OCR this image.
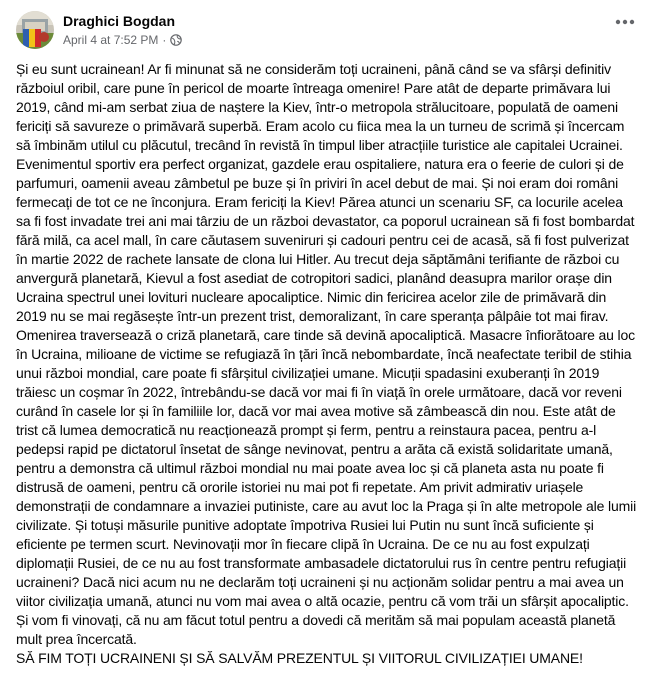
Draghici Bogdan
April 4 at 7:52 PM ·

Și eu sunt ucrainean! Ar fi minunat să ne considerăm toți ucraineni, până când se va sfârși definitiv războiul oribil, care pune în pericol de moarte întreaga omenire! Pare atât de departe primăvara lui 2019, când mi-am serbat ziua de naștere la Kiev, într-o metropola strălucitoare, populată de oameni fericiți să savureze o primăvară superbă. Eram acolo cu fiica mea la un turneu de scrimă și încercam să îmbinăm utilul cu plăcutul, trecând în revistă în timpul liber atracțiile turistice ale capitalei Ucrainei. Evenimentul sportiv era perfect organizat, gazdele erau ospitaliere, natura era o feerie de culori și de parfumuri, oamenii aveau zâmbetul pe buze și în priviri în acel debut de mai. Și noi eram doi români fermecați de tot ce ne înconjura. Eram fericiți la Kiev! Părea atunci un scenariu SF, ca locurile acelea sa fi fost invadate trei ani mai târziu de un război devastator, ca poporul ucrainean să fi fost bombardat fără milă, ca acel mall, în care căutasem suveniruri și cadouri pentru cei de acasă, să fi fost pulverizat în martie 2022 de rachete lansate de clona lui Hitler. Au trecut deja săptămâni terifiante de război cu anvergură planetară, Kievul a fost asediat de cotropitori sadici, planând deasupra marilor orașe din Ucraina spectrul unei lovituri nucleare apocaliptice. Nimic din fericirea acelor zile de primăvară din 2019 nu se mai regăsește într-un prezent trist, demoralizant, în care speranța pâlpâie tot mai firav. Omenirea traversează o criză planetară, care tinde să devină apocaliptică. Masacre înfiorătoare au loc în Ucraina, milioane de victime se refugiază în țări încă nebombardate, încă neafectate teribil de stihia unui război mondial, care poate fi sfârșitul civilizației umane. Micuții spadasini exuberanți în 2019 trăiesc un coșmar în 2022, întrebându-se dacă vor mai fi în viață în orele următoare, dacă vor reveni curând în casele lor și în familiile lor, dacă vor mai avea motive să zâmbească din nou. Este atât de trist că lumea democratică nu reacționează prompt și ferm, pentru a reinstaura pacea, pentru a-l pedepsi rapid pe dictatorul însetat de sânge nevinovat, pentru a arăta că există solidaritate umană, pentru a demonstra că ultimul război mondial nu mai poate avea loc și că planeta asta nu poate fi distrusă de oameni, pentru că ororile istoriei nu mai pot fi repetate. Am privit admirativ uriașele demonstrații de condamnare a invaziei putiniste, care au avut loc la Praga și în alte metropole ale lumii civilizate. Și totuși măsurile punitive adoptate împotriva Rusiei lui Putin nu sunt încă suficiente și eficiente pe termen scurt. Nevinovații mor în fiecare clipă în Ucraina. De ce nu au fost expulzați diplomații Rusiei, de ce nu au fost transformate ambasadele dictatorului rus în centre pentru refugiații ucraineni? Dacă nici acum nu ne declarăm toți ucraineni și nu acționăm solidar pentru a mai avea un viitor civilizația umană, atunci nu vom mai avea o altă ocazie, pentru că vom trăi un sfârșit apocaliptic. Și vom fi vinovați, că nu am făcut totul pentru a dovedi că merităm să mai populam această planetă mult prea încercată.

SĂ FIM TOȚI UCRAINENI ȘI SĂ SALVĂM PREZENTUL ȘI VIITORUL CIVILIZAȚIEI UMANE!
